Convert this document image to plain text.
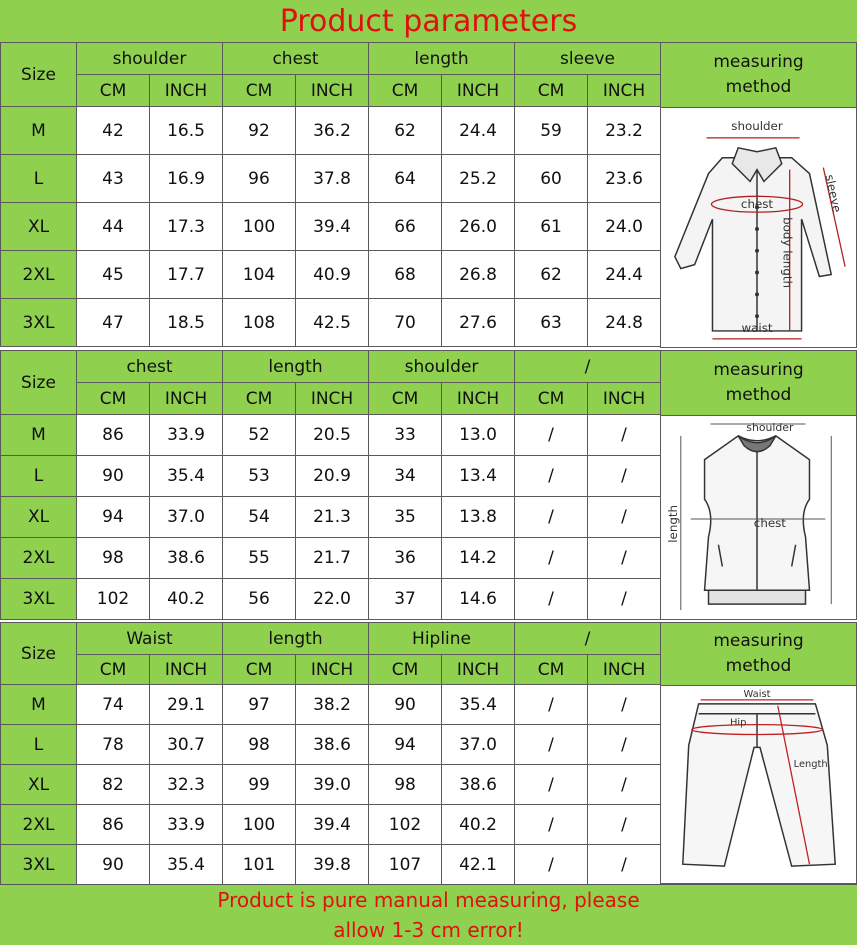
Product parameters
Size	shoulder		chest		length		sleeve	
	CM	INCH	CM	INCH	CM	INCH	CM	INCH
M	42	16.5	92	36.2	62	24.4	59	23.2
L	43	16.9	96	37.8	64	25.2	60	23.6
XL	44	17.3	100	39.4	66	26.0	61	24.0
2XL	45	17.7	104	40.9	68	26.8	62	24.4
3XL	47	18.5	108	42.5	70	27.6	63	24.8
measuring
method
shoulder
chest	sleeve
body length
waist
Size	chest		length		shoulder		/	
	CM	INCH	CM	INCH	CM	INCH	CM	INCH
M	86	33.9	52	20.5	33	13.0	/	/
L	90	35.4	53	20.9	34	13.4	/	/
XL	94	37.0	54	21.3	35	13.8	/	/
2XL	98	38.6	55	21.7	36	14.2	/	/
3XL	102	40.2	56	22.0	37	14.6	/	/
measuring
method
shoulder
chest
length
Size	Waist		length		Hipline		/	
	CM	INCH	CM	INCH	CM	INCH	CM	INCH
M	74	29.1	97	38.2	90	35.4	/	/
L	78	30.7	98	38.6	94	37.0	/	/
XL	82	32.3	99	39.0	98	38.6	/	/
2XL	86	33.9	100	39.4	102	40.2	/	/
3XL	90	35.4	101	39.8	107	42.1	/	/
measuring
method
Waist
Hip
Length
Product is pure manual measuring, please
allow 1-3 cm error!
